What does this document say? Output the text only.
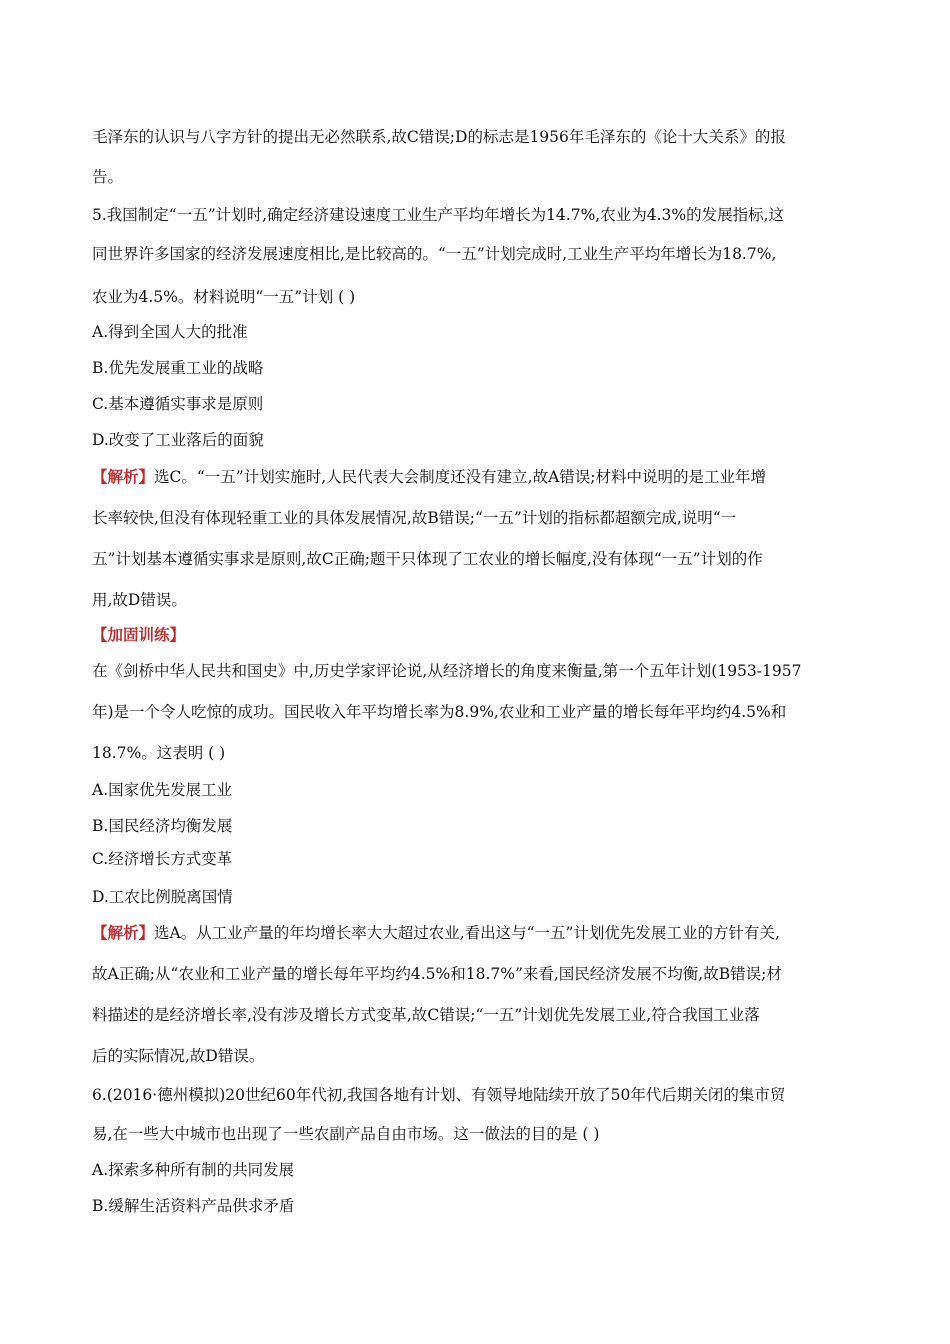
毛泽东的认识与八字方针的提出无必然联系,故C错误;D的标志是1956年毛泽东的《论十大关系》的报
告。
5.我国制定“一五”计划时,确定经济建设速度工业生产平均年增长为14.7%,农业为4.3%的发展指标,这
同世界许多国家的经济发展速度相比,是比较高的。“一五”计划完成时,工业生产平均年增长为18.7%,
农业为4.5%。材料说明“一五”计划 ( )
A.得到全国人大的批准
B.优先发展重工业的战略
C.基本遵循实事求是原则
D.改变了工业落后的面貌
【解析】选C。“一五”计划实施时,人民代表大会制度还没有建立,故A错误;材料中说明的是工业年增
长率较快,但没有体现轻重工业的具体发展情况,故B错误;“一五”计划的指标都超额完成,说明“一
五”计划基本遵循实事求是原则,故C正确;题干只体现了工农业的增长幅度,没有体现“一五”计划的作
用,故D错误。
【加固训练】
在《剑桥中华人民共和国史》中,历史学家评论说,从经济增长的角度来衡量,第一个五年计划(1953-1957
年)是一个令人吃惊的成功。国民收入年平均增长率为8.9%,农业和工业产量的增长每年平均约4.5%和
18.7%。这表明 ( )
A.国家优先发展工业
B.国民经济均衡发展
C.经济增长方式变革
D.工农比例脱离国情
【解析】选A。从工业产量的年均增长率大大超过农业,看出这与“一五”计划优先发展工业的方针有关,
故A正确;从“农业和工业产量的增长每年平均约4.5%和18.7%”来看,国民经济发展不均衡,故B错误;材
料描述的是经济增长率,没有涉及增长方式变革,故C错误;“一五”计划优先发展工业,符合我国工业落
后的实际情况,故D错误。
6.(2016·德州模拟)20世纪60年代初,我国各地有计划、有领导地陆续开放了50年代后期关闭的集市贸
易,在一些大中城市也出现了一些农副产品自由市场。这一做法的目的是 ( )
A.探索多种所有制的共同发展
B.缓解生活资料产品供求矛盾
